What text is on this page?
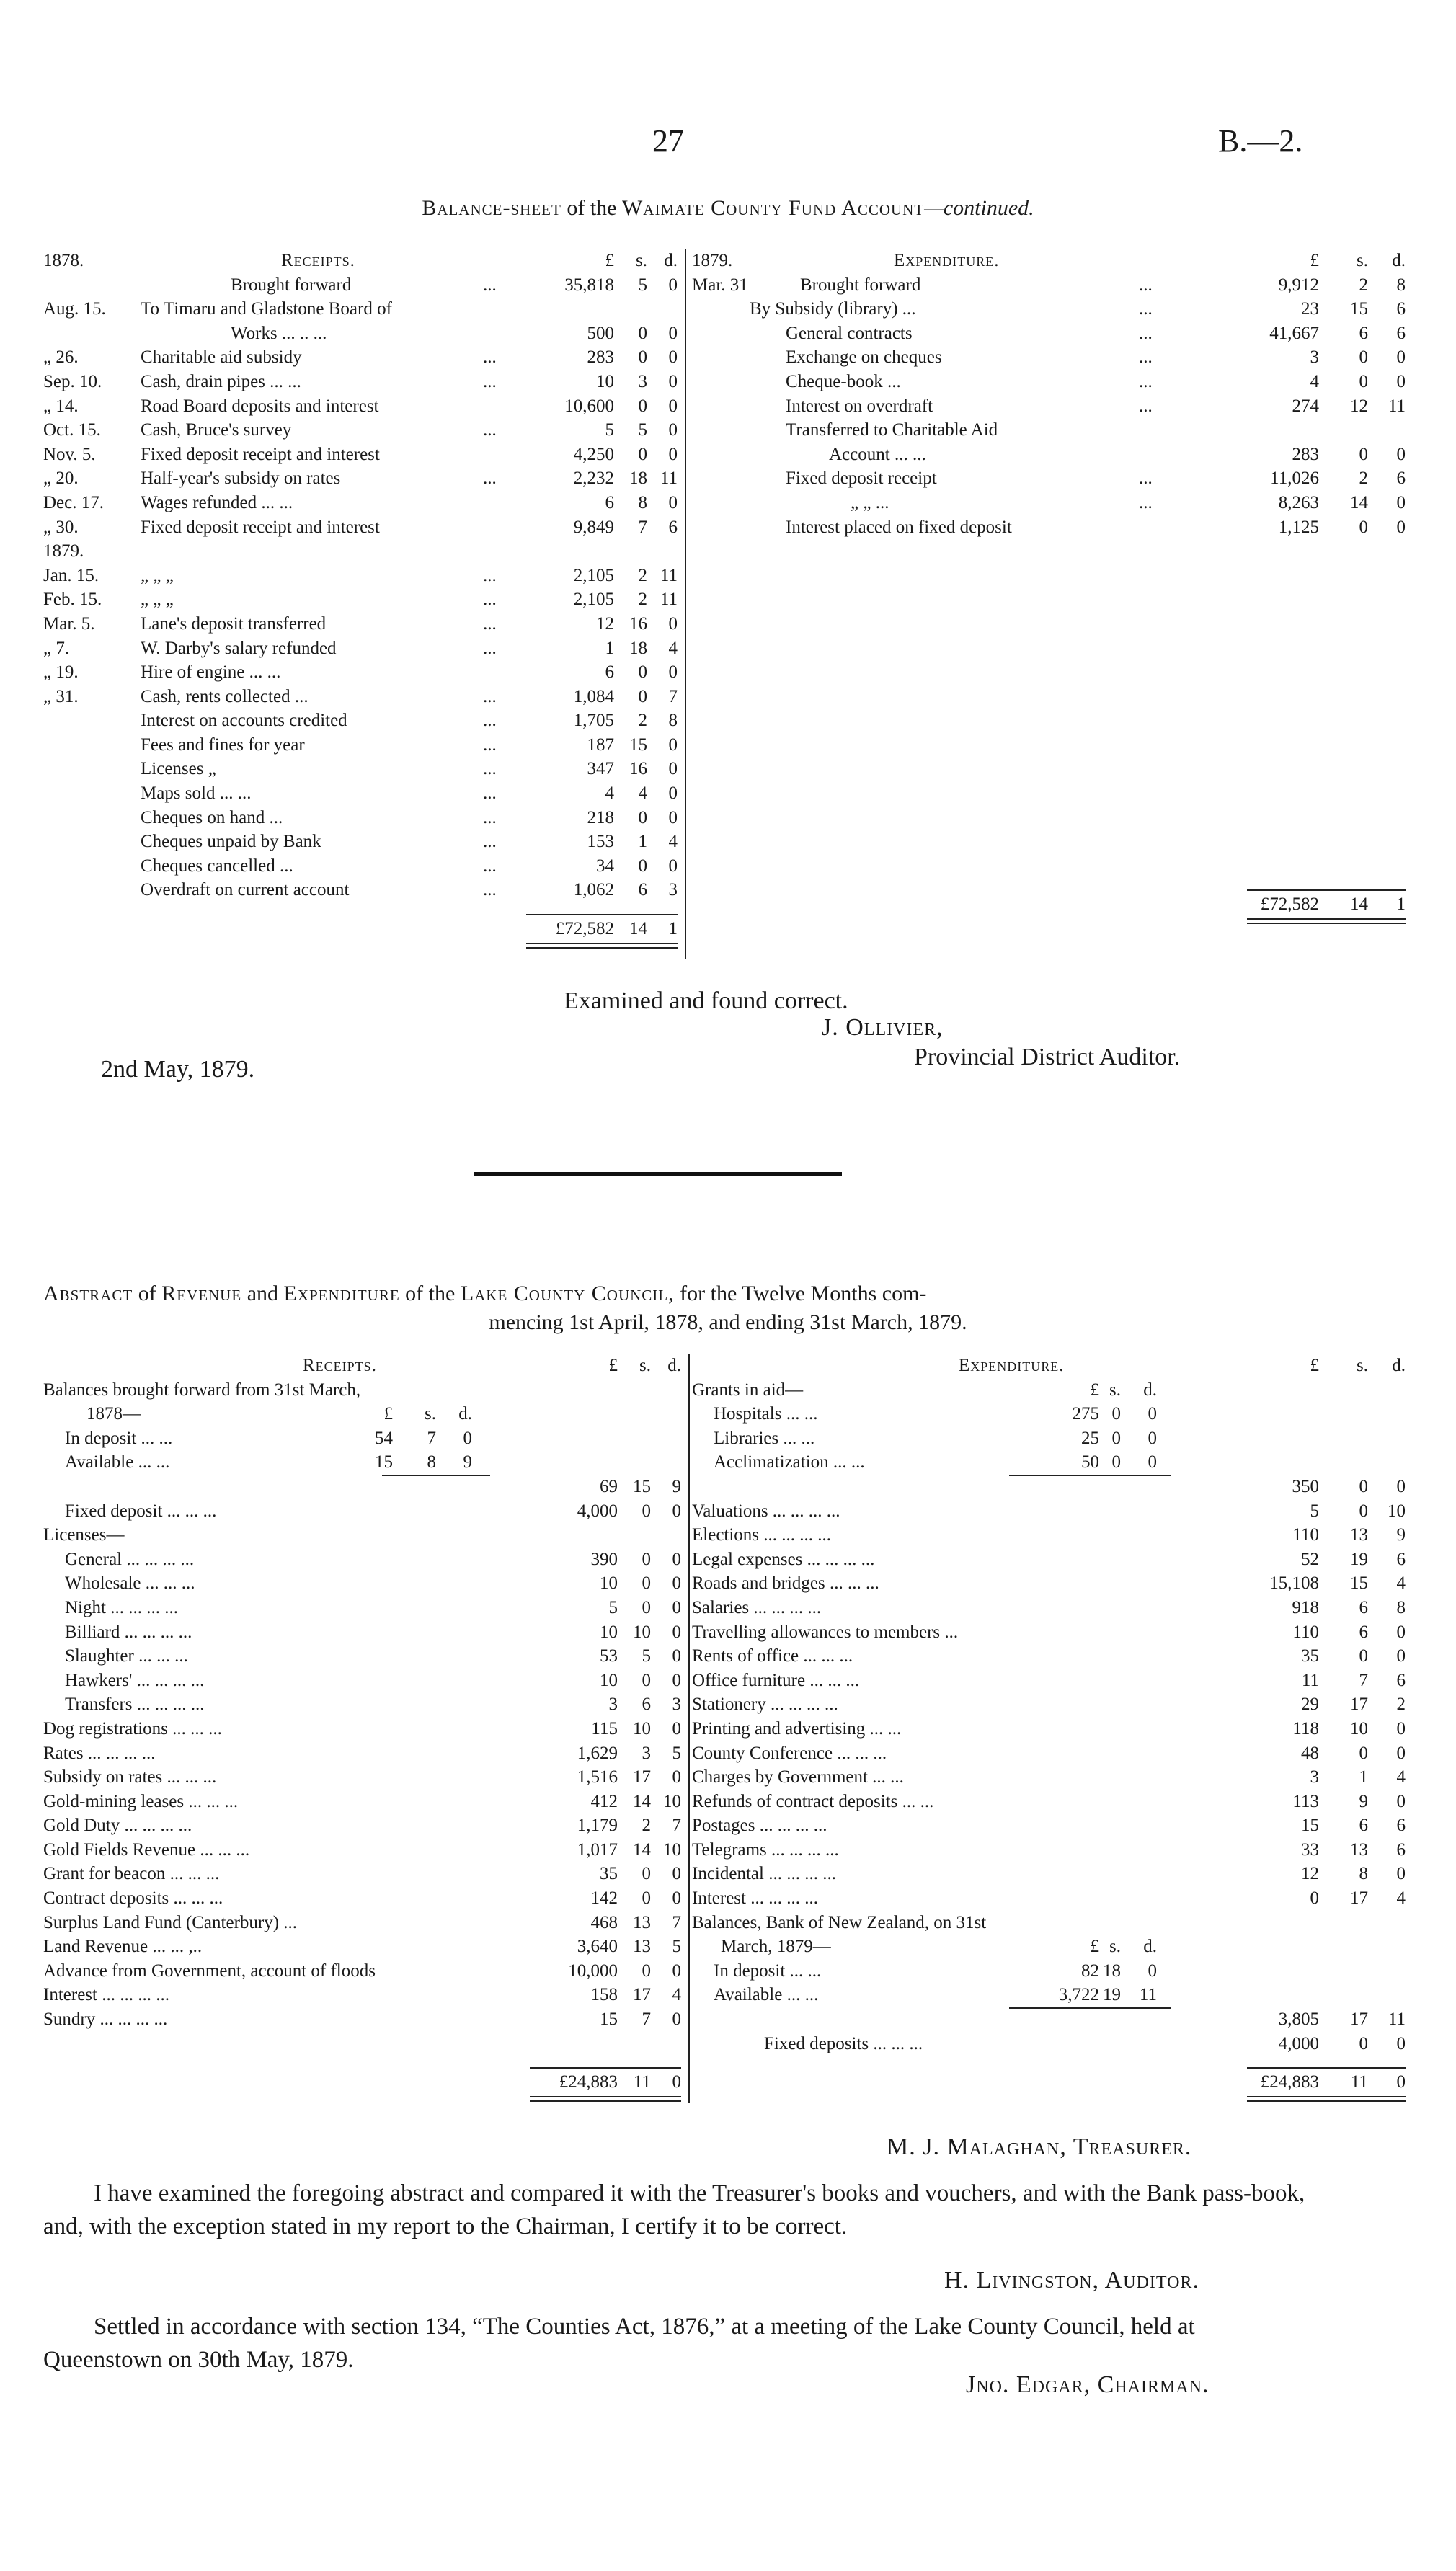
27	B.—2.
Balance-sheet of the Waimate County Fund Account—continued.
1878.	Receipts.	£ s. d.
Brought forward	...	35,818 5 0
Aug. 15. To Timaru and Gladstone Board of
Works ... .. ...	500 0 0
„ 26.	Charitable aid subsidy	...	283 0 0
Sep. 10. Cash, drain pipes ... ...	...	10 3 0
„ 14.	Road Board deposits and interest	10,600 0 0
Oct. 15. Cash, Bruce's survey	...	5 5 0
Nov. 5. Fixed deposit receipt and interest	4,250 0 0
„ 20.	Half-year's subsidy on rates	...	2,232 18 11
Dec. 17. Wages refunded ... ...	6 8 0
„ 30.	Fixed deposit receipt and interest	9,849 7 6
1879.
Jan. 15. „ „ „	...	2,105 2 11
Feb. 15. „ „ „	...	2,105 2 11
Mar. 5.	Lane's deposit transferred	...	12 16 0
„ 7.	W. Darby's salary refunded	...	1 18 4
„ 19.	Hire of engine ... ...	6 0 0
„ 31.	Cash, rents collected ...	...	1,084 0 7
Interest on accounts credited	...	1,705 2 8
Fees and fines for year	...	187 15 0
Licenses „	...	347 16 0
Maps sold ... ...	...	4 4 0
Cheques on hand ...	...	218 0 0
Cheques unpaid by Bank	...	153 1 4
Cheques cancelled ...	...	34 0 0
Overdraft on current account	...	1,062 6 3
£72,582 14 1
1879.	Expenditure.	£ s. d.
Mar. 31	Brought forward	...	9,912 2 8
By Subsidy (library) ...	...	23 15 6
General contracts	...	41,667 6 6
Exchange on cheques	...	3 0 0
Cheque-book ...	...	4 0 0
Interest on overdraft	...	274 12 11
Transferred to Charitable Aid
Account ... ...	283 0 0
Fixed deposit receipt	...	11,026 2 6
„ „ ...	...	8,263 14 0
Interest placed on fixed deposit	1,125 0 0
£72,582 14 1
Examined and found correct.
J. Ollivier,
Provincial District Auditor.
2nd May, 1879.
Abstract of Revenue and Expenditure of the Lake County Council, for the Twelve Months com-
mencing 1st April, 1878, and ending 31st March, 1879.
Receipts.	£ s. d.
Balances brought forward from 31st March,
1878—	£	s.	d.
In deposit ... ...	54	7	0
Available ... ...	15	8	9
69 15 9
Fixed deposit ... ... ...	4,000 0 0
Licenses—
General ... ... ... ...	390 0 0
Wholesale ... ... ...	10 0 0
Night ... ... ... ...	5 0 0
Billiard ... ... ... ...	10 10 0
Slaughter ... ... ...	53 5 0
Hawkers' ... ... ... ...	10 0 0
Transfers ... ... ... ...	3 6 3
Dog registrations ... ... ...	115 10 0
Rates ... ... ... ...	1,629 3 5
Subsidy on rates ... ... ...	1,516 17 0
Gold-mining leases ... ... ...	412 14 10
Gold Duty ... ... ... ...	1,179 2 7
Gold Fields Revenue ... ... ...	1,017 14 10
Grant for beacon ... ... ...	35 0 0
Contract deposits ... ... ...	142 0 0
Surplus Land Fund (Canterbury) ...	468 13 7
Land Revenue ... ... ,..	3,640 13 5
Advance from Government, account of floods	10,000 0 0
Interest ... ... ... ...	158 17 4
Sundry ... ... ... ...	15 7 0
£24,883 11 0
Expenditure.	£ s. d.
Grants in aid—	£ s.	d.
Hospitals ... ...	275 0	0
Libraries ... ...	25 0	0
Acclimatization ... ...	50 0	0
350 0 0
Valuations ... ... ... ...	5 0 10
Elections ... ... ... ...	110 13 9
Legal expenses ... ... ... ...	52 19 6
Roads and bridges ... ... ...	15,108 15 4
Salaries ... ... ... ...	918 6 8
Travelling allowances to members ...	110 6 0
Rents of office ... ... ...	35 0 0
Office furniture ... ... ...	11 7 6
Stationery ... ... ... ...	29 17 2
Printing and advertising ... ...	118 10 0
County Conference ... ... ...	48 0 0
Charges by Government ... ...	3 1 4
Refunds of contract deposits ... ...	113 9 0
Postages ... ... ... ...	15 6 6
Telegrams ... ... ... ...	33 13 6
Incidental ... ... ... ...	12 8 0
Interest ... ... ... ...	0 17 4
Balances, Bank of New Zealand, on 31st
March, 1879—	£ s.	d.
In deposit ... ...	82 18	0
Available ... ...	3,722 19	11
3,805 17 11
Fixed deposits ... ... ...	4,000 0 0
£24,883 11 0
M. J. Malaghan, Treasurer.
I have examined the foregoing abstract and compared it with the Treasurer's books and vouchers, and with the Bank pass-book, and, with the exception stated in my report to the Chairman, I certify it to be correct.
H. Livingston, Auditor.
Settled in accordance with section 134, “The Counties Act, 1876,” at a meeting of the Lake County Council, held at Queenstown on 30th May, 1879.
Jno. Edgar, Chairman.
